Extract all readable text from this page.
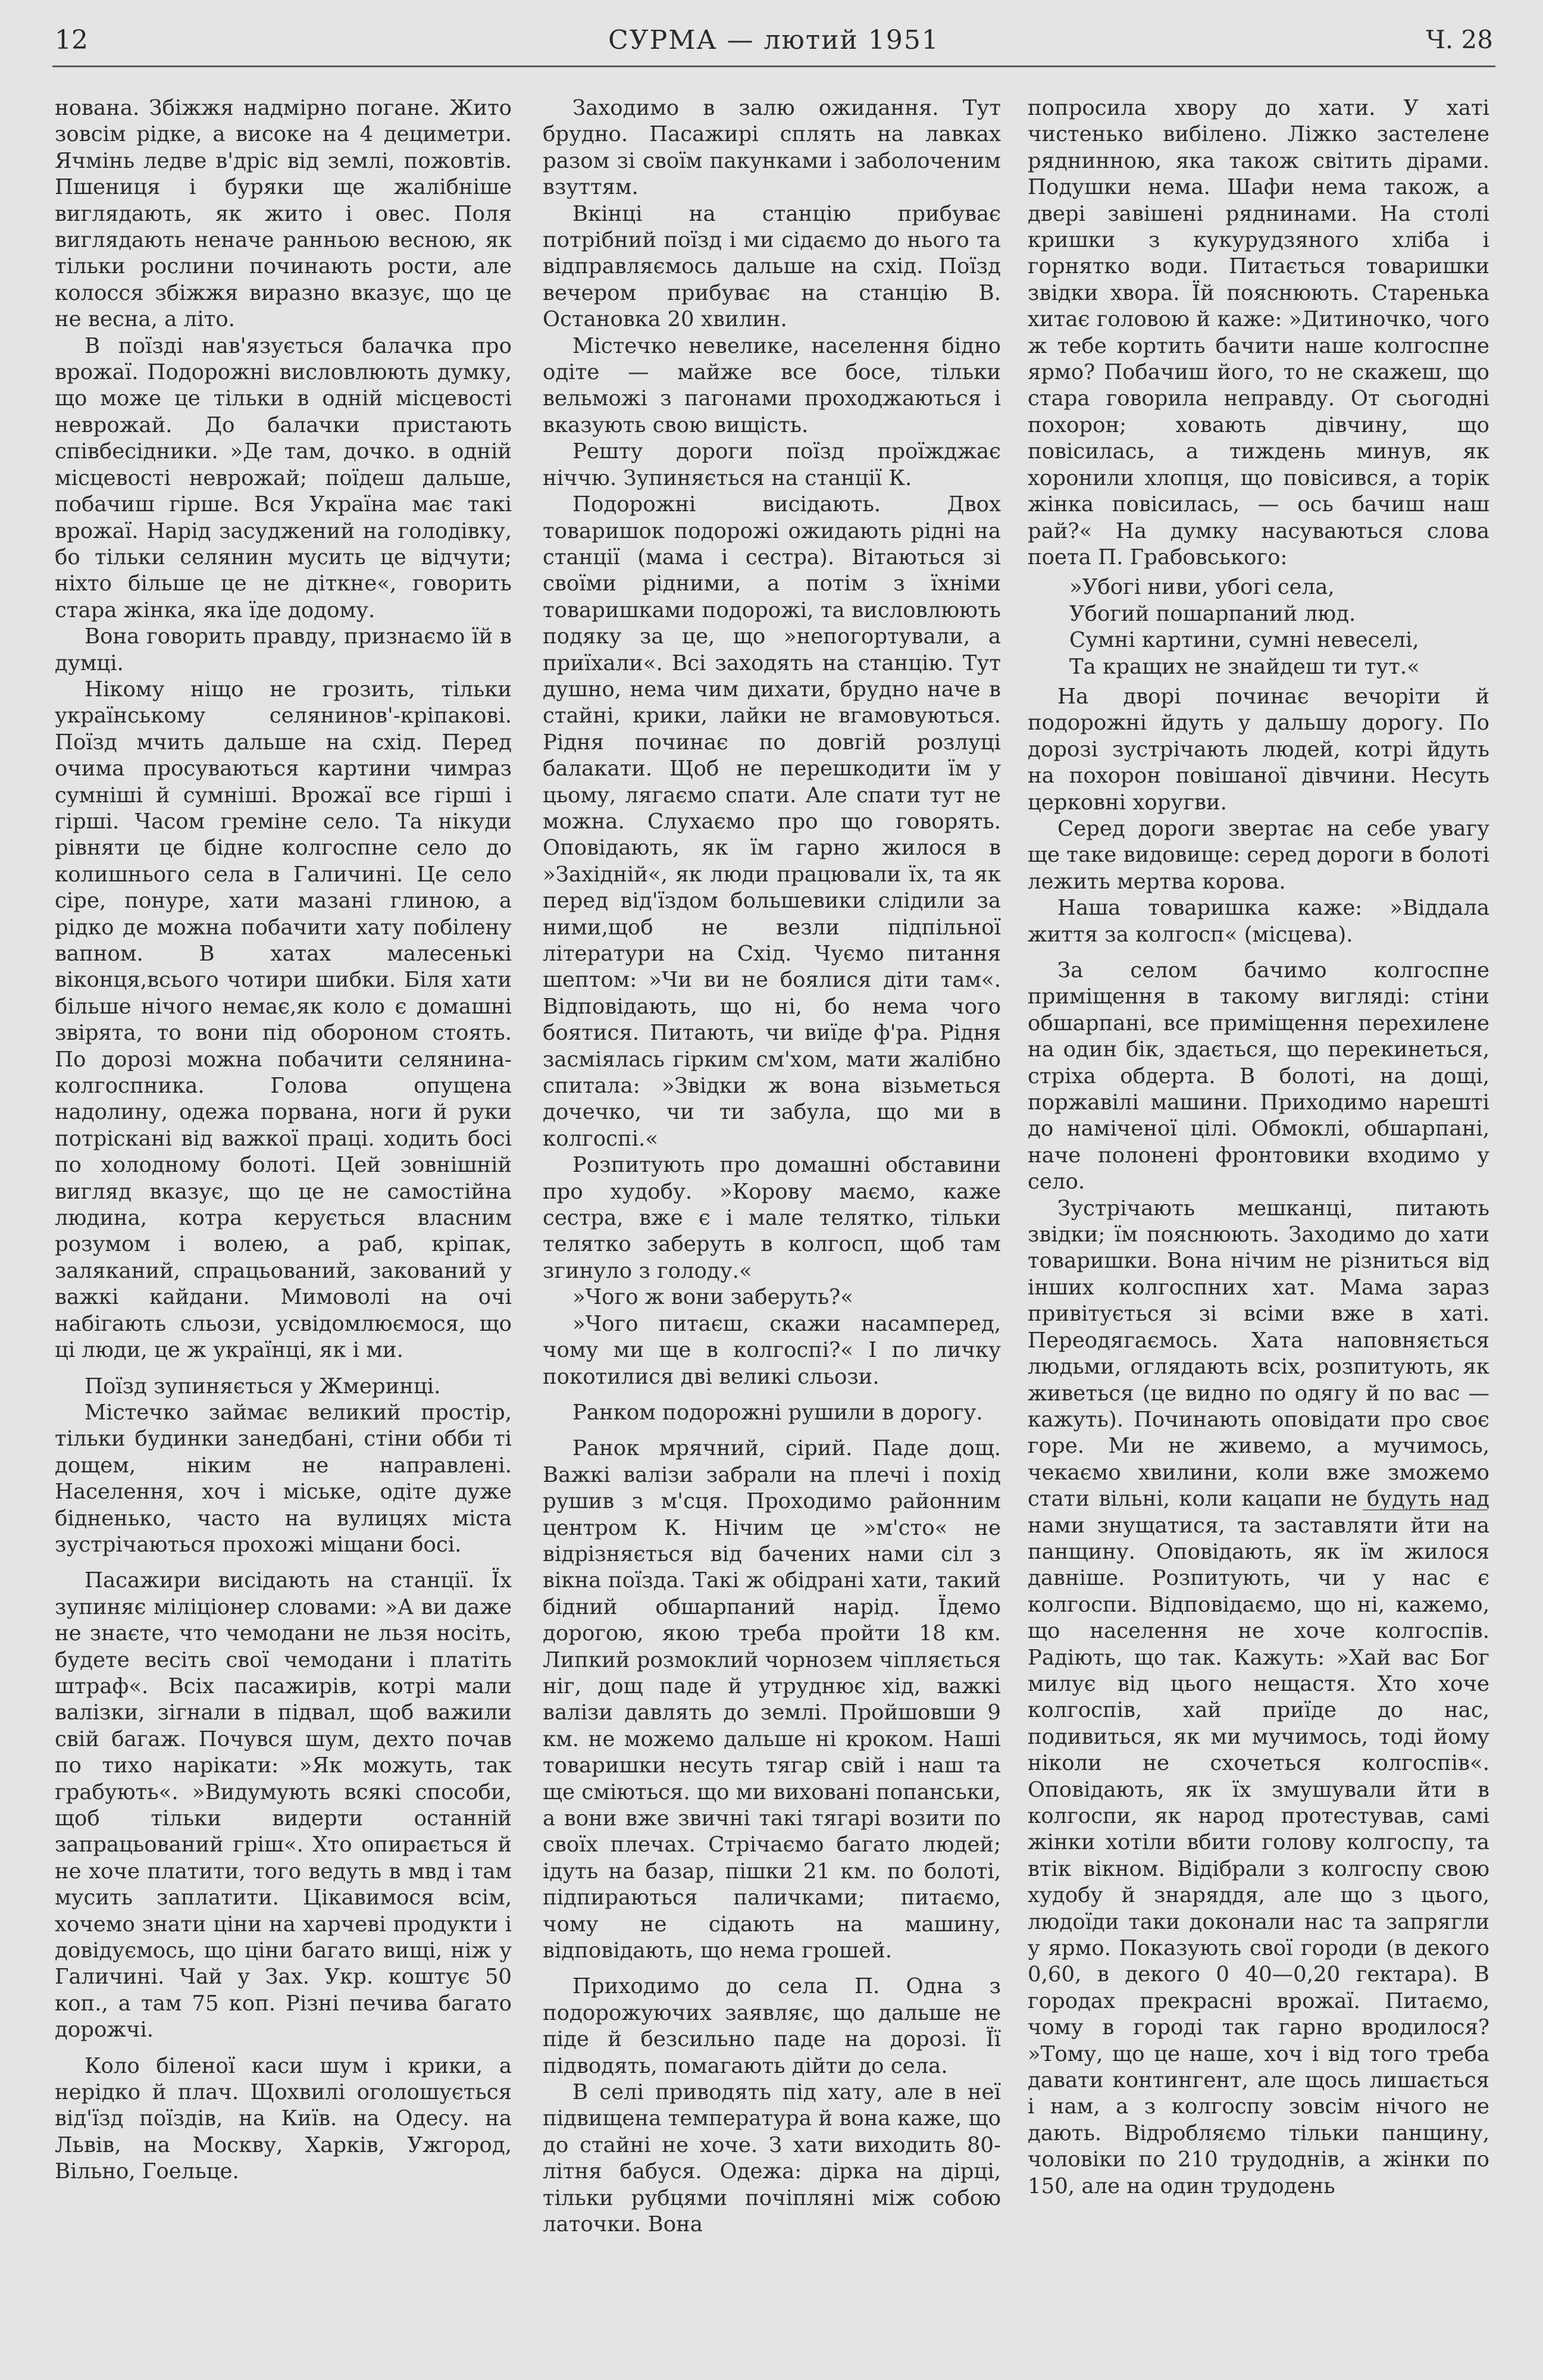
12	СУРМА — лютий 1951	Ч. 28

нована. Збіжжя надмірно погане. Жито зовсім рідке, а високе на 4 дециметри. Ячмінь ледве в'дріс від землі, пожовтів. Пшениця і буряки ще жалібніше виглядають, як жито і овес. Поля виглядають неначе ранньою весною, як тільки рослини починають рости, але колосся збіжжя виразно вказує, що це не весна, а літо.

В поїзді нав'язується балачка про врожаї. Подорожні висловлюють думку, що може це тільки в одній місцевості неврожай. До балачки пристають співбесідники. »Де там, дочко. в одній місцевості неврожай; поїдеш дальше, побачиш гірше. Вся Україна має такі врожаї. Нарід засуджений на голодівку, бо тільки селянин мусить це відчути; ніхто більше це не діткне«, говорить стара жінка, яка їде додому.

Вона говорить правду, признаємо їй в думці.

Нікому ніщо не грозить, тільки українському селянинов'-кріпакові. Поїзд мчить дальше на схід. Перед очима просуваються картини чимраз сумніші й сумніші. Врожаї все гірші і гірші. Часом греміне село. Та нікуди рівняти це бідне колгоспне село до колишнього села в Галичині. Це село сіре, понуре, хати мазані глиною, а рідко де можна побачити хату побілену вапном. В хатах малесенькі віконця,всього чотири шибки. Біля хати більше нічого немає,як коло є домашні звірята, то вони під обороном стоять. По дорозі можна побачити селянина-колгоспника. Голова опущена надолину, одежа порвана, ноги й руки потріскані від важкої праці. ходить босі по холодному болоті. Цей зовнішній вигляд вказує, що це не самостійна людина, котра керується власним розумом і волею, а раб, кріпак, заляканий, спрацьований, закований у важкі кайдани. Мимоволі на очі набігають сльози, усвідомлюємося, що ці люди, це ж українці, як і ми.

Поїзд зупиняється у Жмеринці.

Містечко займає великий простір, тільки будинки занедбані, стіни обби ті дощем, ніким не направлені. Населення, хоч і міське, одіте дуже бідненько, часто на вулицях міста зустрічаються прохожі міщани босі.

Пасажири висідають на станції. Їх зупиняє міліціонер словами: »А ви даже не знаєте, что чемодани не льзя носіть, будете весіть свої чемодани і платіть штраф«. Всіх пасажирів, котрі мали валізки, зігнали в підвал, щоб важили свій багаж. Почувся шум, дехто почав по тихо нарікати: »Як можуть, так грабують«. »Видумують всякі способи, щоб тільки видерти останній запрацьований гріш«. Хто опирається й не хоче платити, того ведуть в мвд і там мусить заплатити. Цікавимося всім, хочемо знати ціни на харчеві продукти і довідуємось, що ціни багато вищі, ніж у Галичині. Чай у Зах. Укр. коштує 50 коп., а там 75 коп. Різні печива багато дорожчі.

Коло біленої каси шум і крики, а нерідко й плач. Щохвилі оголошується від'їзд поїздів, на Київ. на Одесу. на Львів, на Москву, Харків, Ужгород, Вільно, Гоельце.

Заходимо в залю ожидання. Тут брудно. Пасажирі сплять на лавках разом зі своїм пакунками і заболоченим взуттям.

Вкінці на станцію прибуває потрібний поїзд і ми сідаємо до нього та відправляємось дальше на схід. Поїзд вечером прибуває на станцію В. Остановка 20 хвилин.

Містечко невелике, населення бідно одіте — майже все босе, тільки вельможі з пагонами проходжаються і вказують свою вищість.

Решту дороги поїзд проїжджає ніччю. Зупиняється на станції К.

Подорожні висідають. Двох товаришок подорожі ожидають рідні на станції (мама і сестра). Вітаються зі своїми рідними, а потім з їхніми товаришками подорожі, та висловлюють подяку за це, що »непогортували, а приїхали«. Всі заходять на станцію. Тут душно, нема чим дихати, брудно наче в стайні, крики, лайки не вгамовуються. Рідня починає по довгій розлуці балакати. Щоб не перешкодити їм у цьому, лягаємо спати. Але спати тут не можна. Слухаємо про що говорять. Оповідають, як їм гарно жилося в »Західній«, як люди працювали їх, та як перед від'їздом большевики слідили за ними,щоб не везли підпільної літератури на Схід. Чуємо питання шептом: »Чи ви не боялися діти там«. Відповідають, що ні, бо нема чого боятися. Питають, чи виїде ф'ра. Рідня засміялась гірким см'хом, мати жалібно спитала: »Звідки ж вона візьметься дочечко, чи ти забула, що ми в колгоспі.«

Розпитують про домашні обставини про худобу. »Корову маємо, каже сестра, вже є і мале телятко, тільки телятко заберуть в колгосп, щоб там згинуло з голоду.«

»Чого ж вони заберуть?«

»Чого питаєш, скажи насамперед, чому ми ще в колгоспі?« І по личку покотилися дві великі сльози.

Ранком подорожні рушили в дорогу.

Ранок мрячний, сірий. Паде дощ. Важкі валізи забрали на плечі і похід рушив з м'сця. Проходимо районним центром К. Нічим це »м'сто« не відрізняється від бачених нами сіл з вікна поїзда. Такі ж обідрані хати, такий бідний обшарпаний нарід. Їдемо дорогою, якою треба пройти 18 км. Липкий розмоклий чорнозем чіпляється ніг, дощ паде й утруднює хід, важкі валізи давлять до землі. Пройшовши 9 км. не можемо дальше ні кроком. Наші товаришки несуть тягар свій і наш та ще сміються. що ми виховані попанськи, а вони вже звичні такі тягарі возити по своїх плечах. Стрічаємо багато людей; ідуть на базар, пішки 21 км. по болоті, підпираються паличками; питаємо, чому не сідають на машину, відповідають, що нема грошей.

Приходимо до села П. Одна з подорожуючих заявляє, що дальше не піде й безсильно паде на дорозі. Її підводять, помагають дійти до села.

В селі приводять під хату, але в неї підвищена температура й вона каже, що до стайні не хоче. З хати виходить 80-літня бабуся. Одежа: дірка на дірці, тільки рубцями почіпляні між собою латочки. Вона

попросила хвору до хати. У хаті чистенько вибілено. Ліжко застелене ряднинною, яка також світить дірами. Подушки нема. Шафи нема також, а двері завішені ряднинами. На столі кришки з кукурудзяного хліба і горнятко води. Питається товаришки звідки хвора. Їй пояснюють. Старенька хитає головою й каже: »Дитиночко, чого ж тебе кортить бачити наше колгоспне ярмо? Побачиш його, то не скажеш, що стара говорила неправду. От сьогодні похорон; ховають дівчину, що повісилась, а тиждень минув, як хоронили хлопця, що повісився, а торік жінка повісилась, — ось бачиш наш рай?« На думку насуваються слова поета П. Грабовського:

»Убогі ниви, убогі села,
Убогий пошарпаний люд.
Сумні картини, сумні невеселі,
Та кращих не знайдеш ти тут.«

На дворі починає вечоріти й подорожні йдуть у дальшу дорогу. По дорозі зустрічають людей, котрі йдуть на похорон повішаної дівчини. Несуть церковні хоругви.

Серед дороги звертає на себе увагу ще таке видовище: серед дороги в болоті лежить мертва корова.

Наша товаришка каже: »Віддала життя за колгосп« (місцева).

За селом бачимо колгоспне приміщення в такому вигляді: стіни обшарпані, все приміщення перехилене на один бік, здається, що перекинеться, стріха обдерта. В болоті, на дощі, поржавілі машини. Приходимо нарешті до наміченої цілі. Обмоклі, обшарпані, наче полонені фронтовики входимо у село.

Зустрічають мешканці, питають звідки; їм пояснюють. Заходимо до хати товаришки. Вона нічим не різниться від інших колгоспних хат. Мама зараз привітується зі всіми вже в хаті. Переодягаємось. Хата наповняється людьми, оглядають всіх, розпитують, як живеться (це видно по одягу й по вас — кажуть). Починають оповідати про своє горе. Ми не живемо, а мучимось, чекаємо хвилини, коли вже зможемо стати вільні, коли кацапи не будуть над нами знущатися, та заставляти йти на панщину. Оповідають, як їм жилося давніше. Розпитують, чи у нас є колгоспи. Відповідаємо, що ні, кажемо, що населення не хоче колгоспів. Радіють, що так. Кажуть: »Хай вас Бог милує від цього нещастя. Хто хоче колгоспів, хай приїде до нас, подивиться, як ми мучимось, тоді йому ніколи не схочеться колгоспів«. Оповідають, як їх змушували йти в колгоспи, як народ протестував, самі жінки хотіли вбити голову колгоспу, та втік вікном. Відібрали з колгоспу свою худобу й знаряддя, але що з цього, людоїди таки доконали нас та запрягли у ярмо. Показують свої городи (в декого 0,60, в декого 0 40—0,20 гектара). В городах прекрасні врожаї. Питаємо, чому в городі так гарно вродилося? »Тому, що це наше, хоч і від того треба давати контингент, але щось лишається і нам, а з колгоспу зовсім нічого не дають. Відробляємо тільки панщину, чоловіки по 210 трудоднів, а жінки по 150, але на один трудодень
